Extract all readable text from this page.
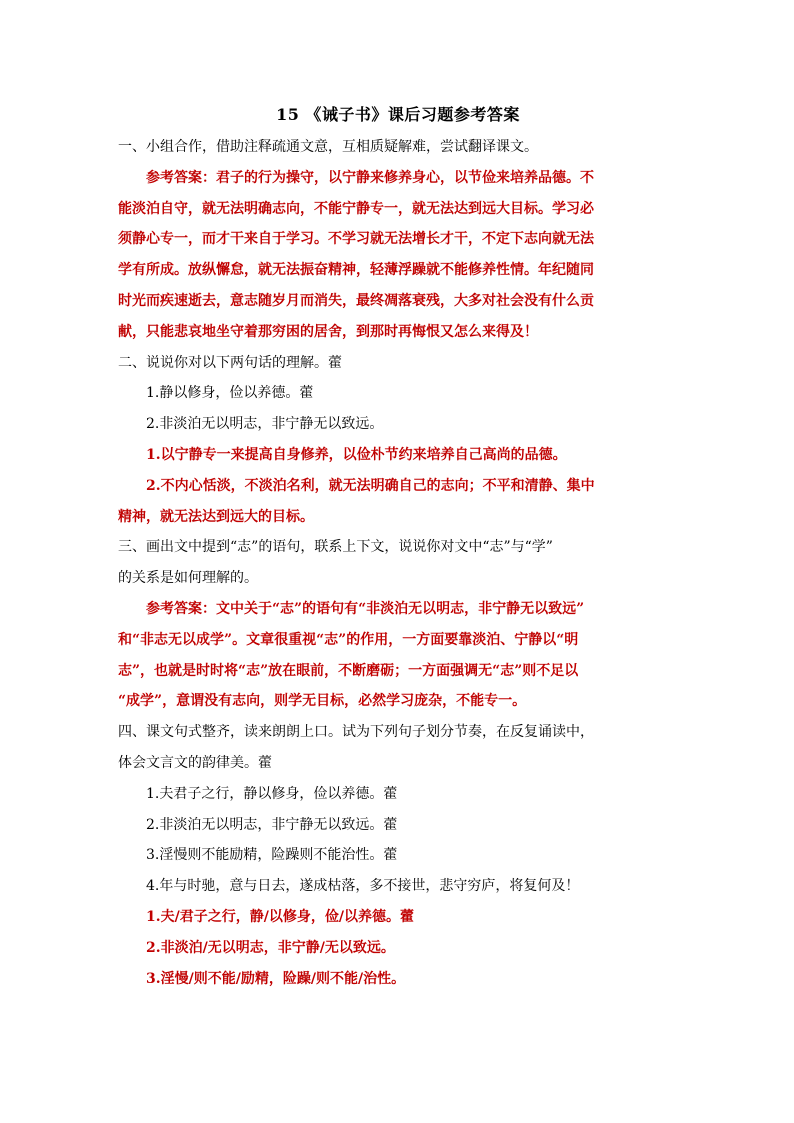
15 《诫子书》课后习题参考答案
一、小组合作，借助注释疏通文意，互相质疑解难，尝试翻译课文。
参考答案：君子的行为操守，以宁静来修养身心，以节俭来培养品德。不
能淡泊自守，就无法明确志向，不能宁静专一，就无法达到远大目标。学习必
须静心专一，而才干来自于学习。不学习就无法增长才干，不定下志向就无法
学有所成。放纵懈怠，就无法振奋精神，轻薄浮躁就不能修养性情。年纪随同
时光而疾速逝去，意志随岁月而消失，最终凋落衰残，大多对社会没有什么贡
献，只能悲哀地坐守着那穷困的居舍，到那时再悔恨又怎么来得及！
二、说说你对以下两句话的理解。藿
1.静以修身，俭以养德。藿
2.非淡泊无以明志，非宁静无以致远。
1.以宁静专一来提高自身修养，以俭朴节约来培养自己高尚的品德。
2.不内心恬淡，不淡泊名利，就无法明确自己的志向；不平和清静、集中
精神，就无法达到远大的目标。
三、画出文中提到“志”的语句，联系上下文，说说你对文中“志”与“学”
的关系是如何理解的。
参考答案：文中关于“志”的语句有“非淡泊无以明志，非宁静无以致远”
和“非志无以成学”。文章很重视“志”的作用，一方面要靠淡泊、宁静以“明
志”，也就是时时将“志”放在眼前，不断磨砺；一方面强调无“志”则不足以
“成学”，意谓没有志向，则学无目标，必然学习庞杂，不能专一。
四、课文句式整齐，读来朗朗上口。试为下列句子划分节奏，在反复诵读中，
体会文言文的韵律美。藿
1.夫君子之行，静以修身，俭以养德。藿
2.非淡泊无以明志，非宁静无以致远。藿
3.淫慢则不能励精，险躁则不能治性。藿
4.年与时驰，意与日去，遂成枯落，多不接世，悲守穷庐，将复何及！
1.夫/君子之行，静/以修身，俭/以养德。藿
2.非淡泊/无以明志，非宁静/无以致远。
3.淫慢/则不能/励精，险躁/则不能/治性。
